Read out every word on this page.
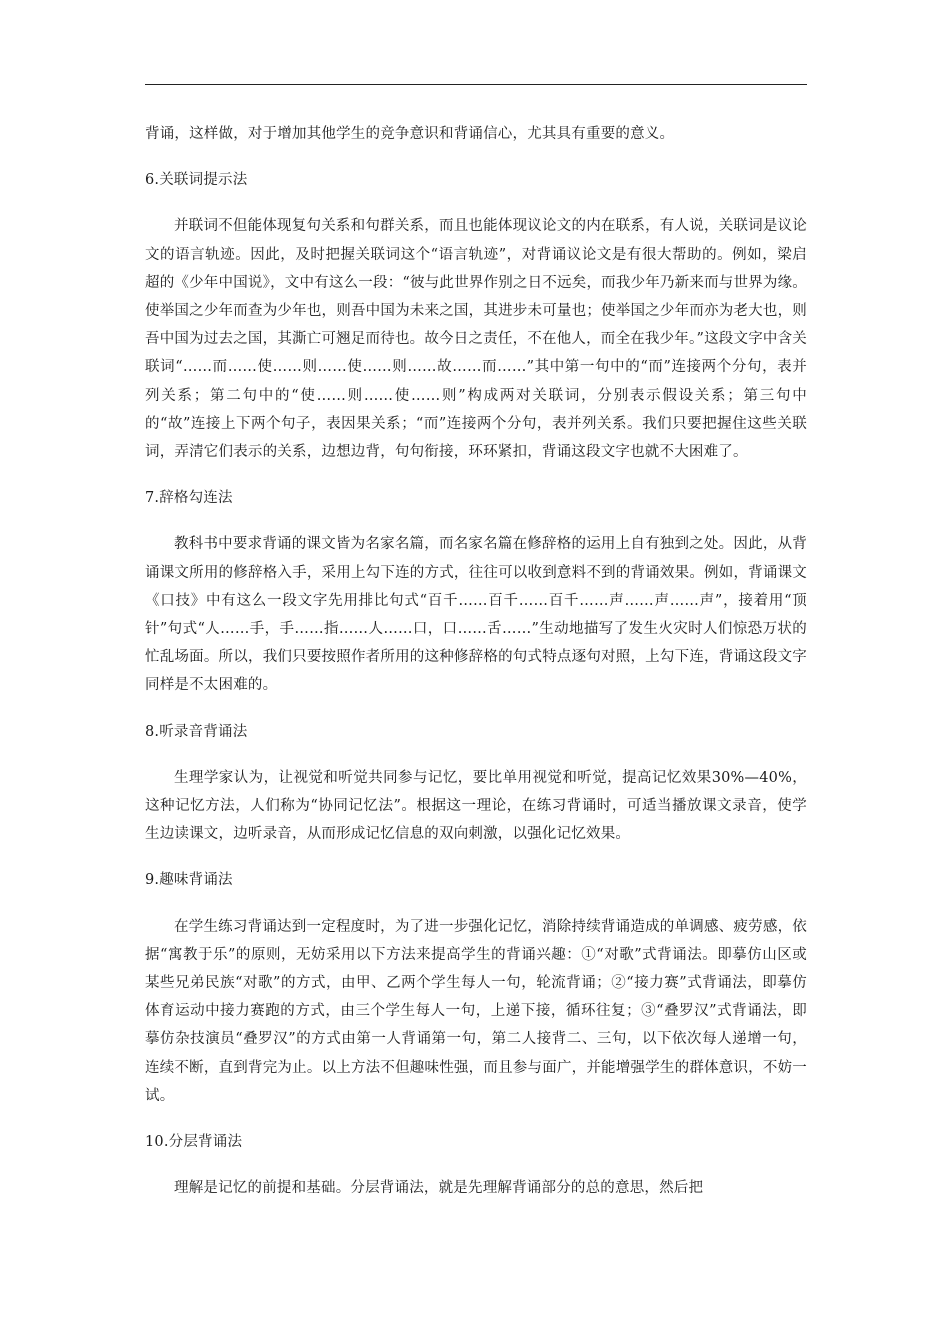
背诵，这样做，对于增加其他学生的竞争意识和背诵信心，尤其具有重要的意义。

6.关联词提示法

并联词不但能体现复句关系和句群关系，而且也能体现议论文的内在联系，有人说，关联词是议论文的语言轨迹。因此，及时把握关联词这个“语言轨迹”，对背诵议论文是有很大帮助的。例如，梁启超的《少年中国说》，文中有这么一段：“彼与此世界作别之日不远矣，而我少年乃新来而与世界为缘。使举国之少年而查为少年也，则吾中国为未来之国，其进步未可量也；使举国之少年而亦为老大也，则吾中国为过去之国，其澌亡可翘足而待也。故今日之责任，不在他人，而全在我少年。”这段文字中含关联词“……而……使……则……使……则……故……而……”其中第一句中的“而”连接两个分句，表并列关系；第二句中的“使……则……使……则”构成两对关联词，分别表示假设关系；第三句中的“故”连接上下两个句子，表因果关系；“而”连接两个分句，表并列关系。我们只要把握住这些关联词，弄清它们表示的关系，边想边背，句句衔接，环环紧扣，背诵这段文字也就不大困难了。

7.辞格勾连法

教科书中要求背诵的课文皆为名家名篇，而名家名篇在修辞格的运用上自有独到之处。因此，从背诵课文所用的修辞格入手，采用上勾下连的方式，往往可以收到意料不到的背诵效果。例如，背诵课文《口技》中有这么一段文字先用排比句式“百千……百千……百千……声……声……声”，接着用“顶针”句式“人……手，手……指……人……口，口……舌……”生动地描写了发生火灾时人们惊恐万状的忙乱场面。所以，我们只要按照作者所用的这种修辞格的句式特点逐句对照，上勾下连，背诵这段文字同样是不太困难的。

8.听录音背诵法

生理学家认为，让视觉和听觉共同参与记忆，要比单用视觉和听觉，提高记忆效果30%—40%，这种记忆方法，人们称为“协同记忆法”。根据这一理论，在练习背诵时，可适当播放课文录音，使学生边读课文，边听录音，从而形成记忆信息的双向刺激，以强化记忆效果。

9.趣味背诵法

在学生练习背诵达到一定程度时，为了进一步强化记忆，消除持续背诵造成的单调感、疲劳感，依据“寓教于乐”的原则，无妨采用以下方法来提高学生的背诵兴趣：①“对歌”式背诵法。即摹仿山区或某些兄弟民族“对歌”的方式，由甲、乙两个学生每人一句，轮流背诵；②“接力赛”式背诵法，即摹仿体育运动中接力赛跑的方式，由三个学生每人一句，上递下接，循环往复；③“叠罗汉”式背诵法，即摹仿杂技演员“叠罗汉”的方式由第一人背诵第一句，第二人接背二、三句，以下依次每人递增一句，连续不断，直到背完为止。以上方法不但趣味性强，而且参与面广，并能增强学生的群体意识，不妨一试。

10.分层背诵法

理解是记忆的前提和基础。分层背诵法，就是先理解背诵部分的总的意思，然后把
